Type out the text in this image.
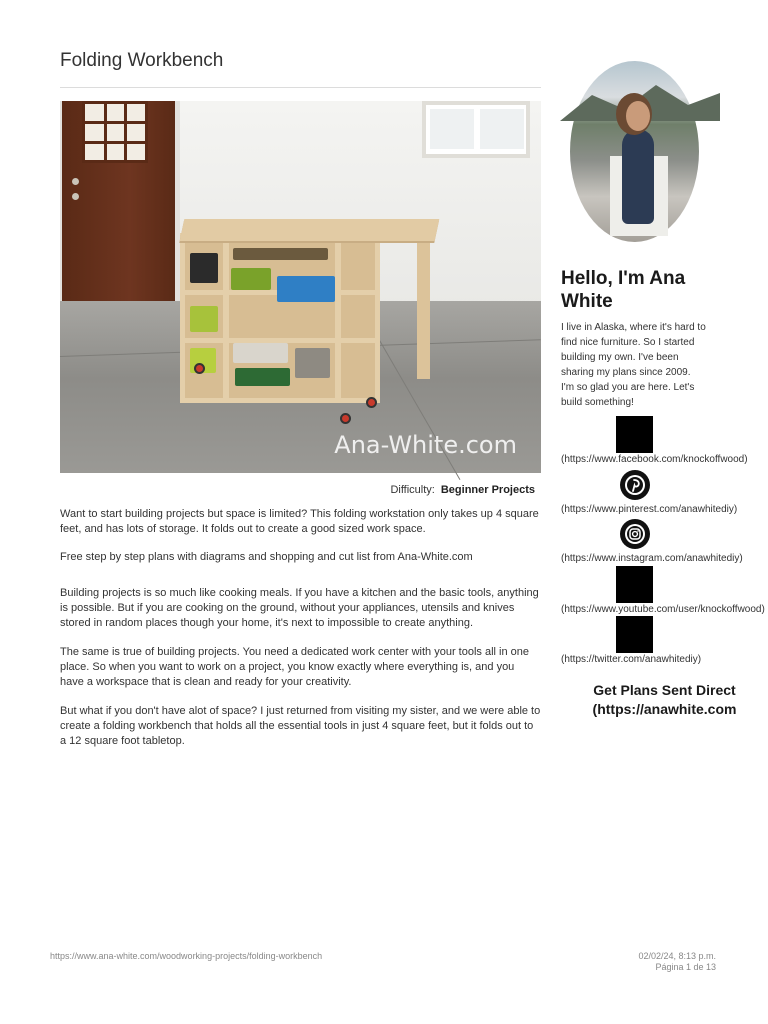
Folding Workbench
Ana-White.com
Difficulty: Beginner Projects

Want to start building projects but space is limited? This folding workstation only takes up 4 square feet, and has lots of storage. It folds out to create a good sized work space.

Free step by step plans with diagrams and shopping and cut list from Ana-White.com

Building projects is so much like cooking meals. If you have a kitchen and the basic tools, anything is possible. But if you are cooking on the ground, without your appliances, utensils and knives stored in random places though your home, it's next to impossible to create anything.

The same is true of building projects. You need a dedicated work center with your tools all in one place. So when you want to work on a project, you know exactly where everything is, and you have a workspace that is clean and ready for your creativity.

But what if you don't have alot of space? I just returned from visiting my sister, and we were able to create a folding workbench that holds all the essential tools in just 4 square feet, but it folds out to a 12 square foot tabletop.

Hello, I'm Ana White

I live in Alaska, where it's hard to find nice furniture. So I started building my own. I've been sharing my plans since 2009. I'm so glad you are here. Let's build something!

(https://www.facebook.com/knockoffwood)
(https://www.pinterest.com/anawhitediy)
(https://www.instagram.com/anawhitediy)
(https://www.youtube.com/user/knockoffwood)
(https://twitter.com/anawhitediy)
Get Plans Sent Direct
(https://anawhite.com
https://www.ana-white.com/woodworking-projects/folding-workbench	02/02/24, 8:13 p.m.
Página 1 de 13
